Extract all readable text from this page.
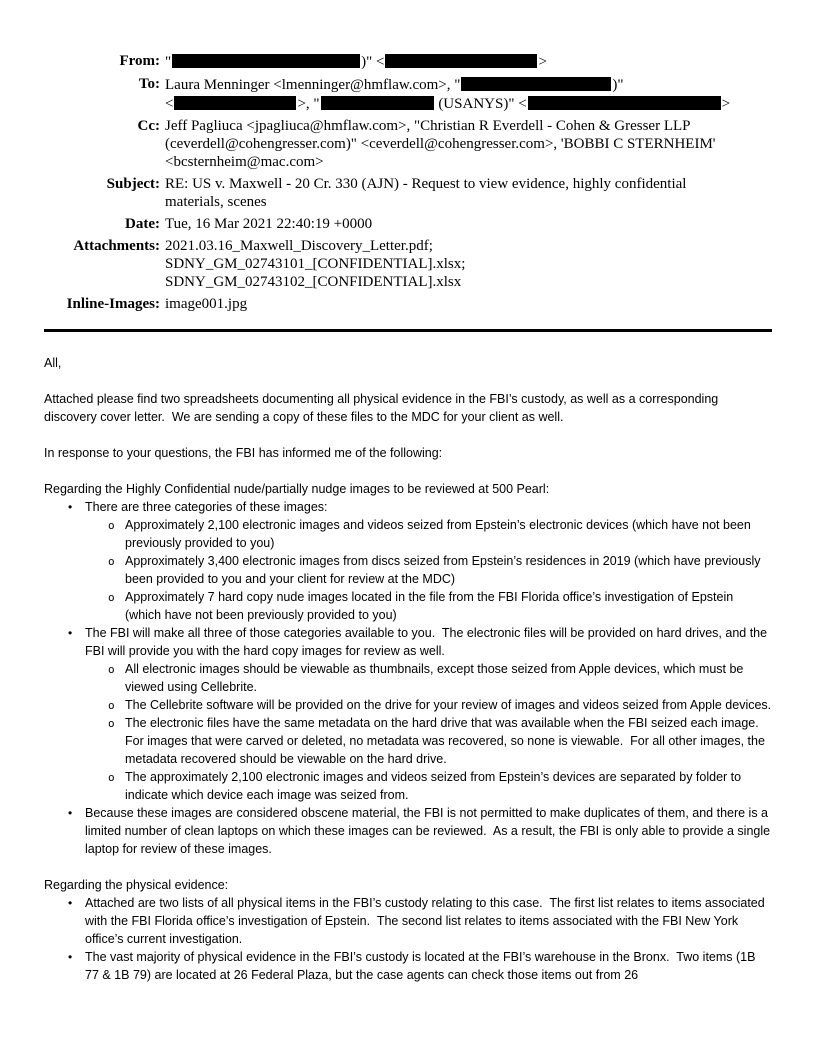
From: "	)" <	>
To: Laura Menninger <lmenninger@hmflaw.com>, "	)"
<	>, "	(USANYS)" <	>
Cc: Jeff Pagliuca <jpagliuca@hmflaw.com>, "Christian R Everdell - Cohen & Gresser LLP
(ceverdell@cohengresser.com)" <ceverdell@cohengresser.com>, 'BOBBI C STERNHEIM'
<bcsternheim@mac.com>
Subject: RE: US v. Maxwell - 20 Cr. 330 (AJN) - Request to view evidence, highly confidential
materials, scenes
Date: Tue, 16 Mar 2021 22:40:19 +0000
Attachments: 2021.03.16_Maxwell_Discovery_Letter.pdf;
SDNY_GM_02743101_[CONFIDENTIAL].xlsx;
SDNY_GM_02743102_[CONFIDENTIAL].xlsx
Inline-Images: image001.jpg
All,
Attached please find two spreadsheets documenting all physical evidence in the FBI’s custody, as well as a corresponding discovery cover letter.  We are sending a copy of these files to the MDC for your client as well.
In response to your questions, the FBI has informed me of the following:
Regarding the Highly Confidential nude/partially nudge images to be reviewed at 500 Pearl:
• There are three categories of these images:
o Approximately 2,100 electronic images and videos seized from Epstein’s electronic devices (which have not been previously provided to you)
o Approximately 3,400 electronic images from discs seized from Epstein’s residences in 2019 (which have previously been provided to you and your client for review at the MDC)
o Approximately 7 hard copy nude images located in the file from the FBI Florida office’s investigation of Epstein (which have not been previously provided to you)
• The FBI will make all three of those categories available to you.  The electronic files will be provided on hard drives, and the FBI will provide you with the hard copy images for review as well.
o All electronic images should be viewable as thumbnails, except those seized from Apple devices, which must be viewed using Cellebrite.
o The Cellebrite software will be provided on the drive for your review of images and videos seized from Apple devices.
o The electronic files have the same metadata on the hard drive that was available when the FBI seized each image.  For images that were carved or deleted, no metadata was recovered, so none is viewable.  For all other images, the metadata recovered should be viewable on the hard drive.
o The approximately 2,100 electronic images and videos seized from Epstein’s devices are separated by folder to indicate which device each image was seized from.
• Because these images are considered obscene material, the FBI is not permitted to make duplicates of them, and there is a limited number of clean laptops on which these images can be reviewed.  As a result, the FBI is only able to provide a single laptop for review of these images.
Regarding the physical evidence:
• Attached are two lists of all physical items in the FBI’s custody relating to this case.  The first list relates to items associated with the FBI Florida office’s investigation of Epstein.  The second list relates to items associated with the FBI New York office’s current investigation.
• The vast majority of physical evidence in the FBI’s custody is located at the FBI’s warehouse in the Bronx.  Two items (1B 77 & 1B 79) are located at 26 Federal Plaza, but the case agents can check those items out from 26
